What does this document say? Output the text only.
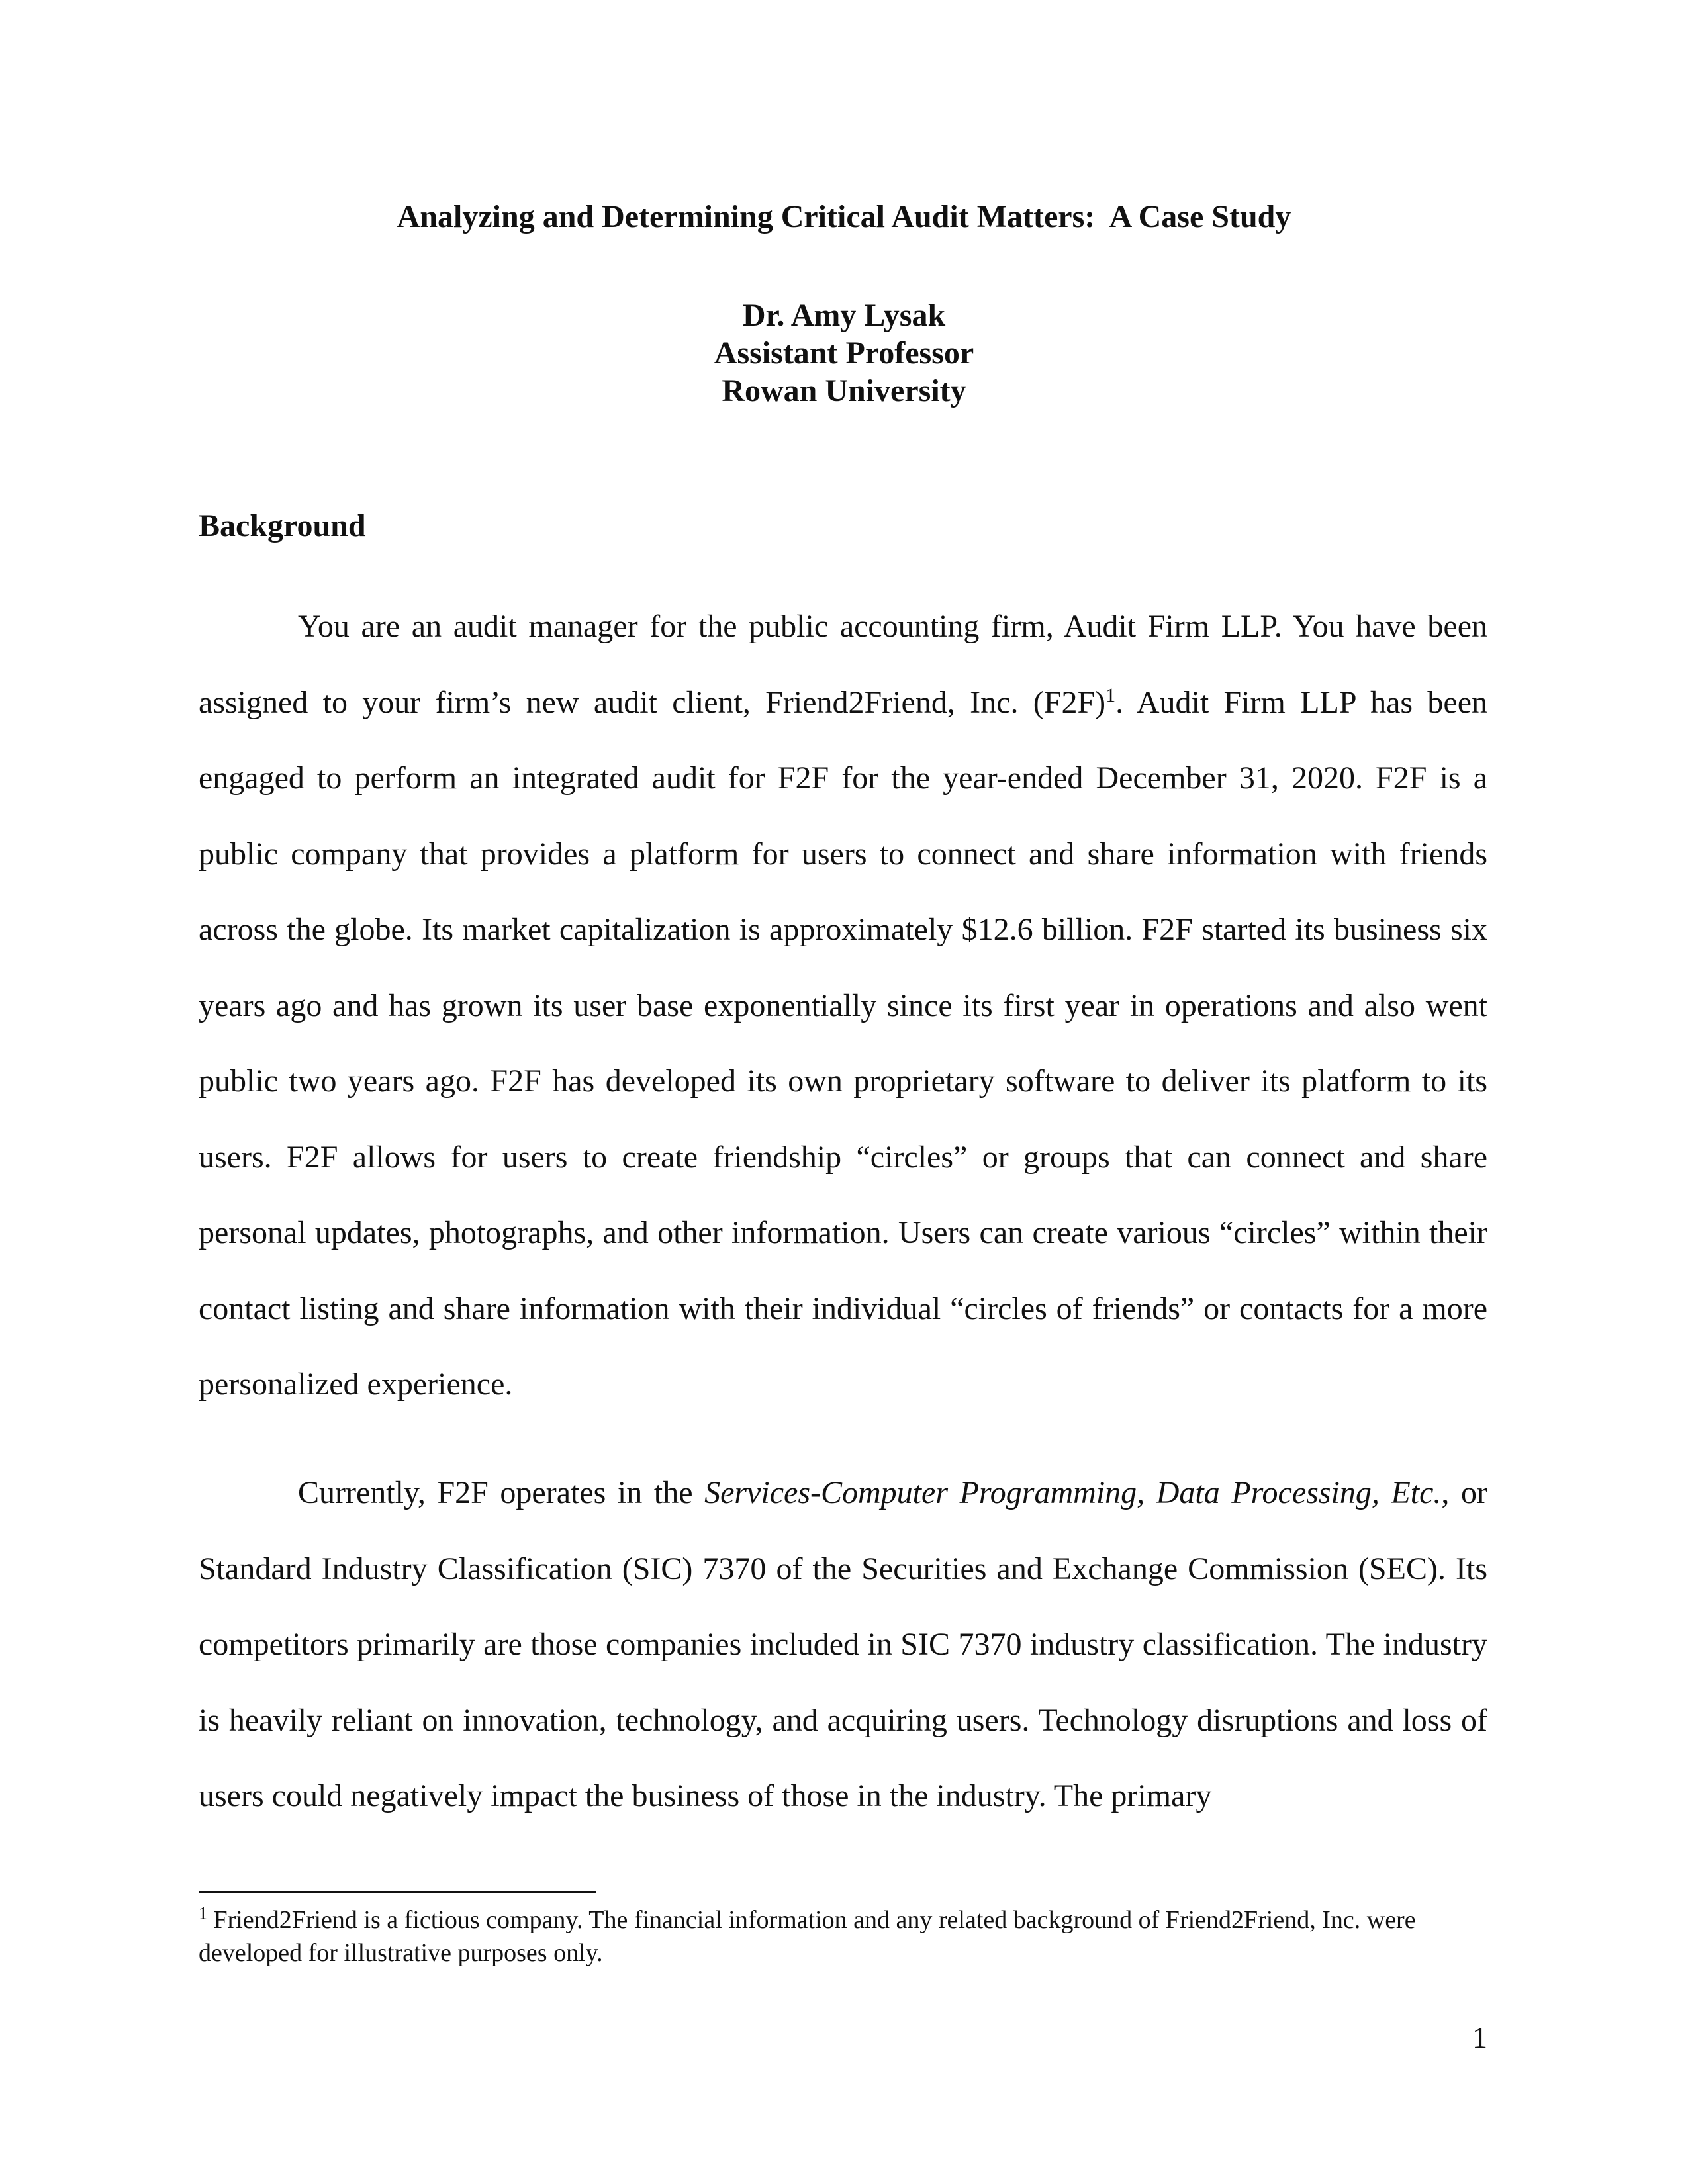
Analyzing and Determining Critical Audit Matters:  A Case Study
Dr. Amy Lysak
Assistant Professor
Rowan University
Background

You are an audit manager for the public accounting firm, Audit Firm LLP. You have been assigned to your firm’s new audit client, Friend2Friend, Inc. $(F2F)^1$. Audit Firm LLP has been engaged to perform an integrated audit for F2F for the year-ended December 31, 2020. F2F is a public company that provides a platform for users to connect and share information with friends across the globe. Its market capitalization is approximately $12.6 billion. F2F started its business six years ago and has grown its user base exponentially since its first year in operations and also went public two years ago. F2F has developed its own proprietary software to deliver its platform to its users. F2F allows for users to create friendship “circles” or groups that can connect and share personal updates, photographs, and other information. Users can create various “circles” within their contact listing and share information with their individual “circles of friends” or contacts for a more personalized experience.

Currently, F2F operates in the Services-Computer Programming, Data Processing, Etc., or Standard Industry Classification (SIC) 7370 of the Securities and Exchange Commission (SEC). Its competitors primarily are those companies included in SIC 7370 industry classification. The industry is heavily reliant on innovation, technology, and acquiring users. Technology disruptions and loss of users could negatively impact the business of those in the industry. The primary

$^1$ Friend2Friend is a fictious company. The financial information and any related background of Friend2Friend, Inc. were developed for illustrative purposes only.

1
